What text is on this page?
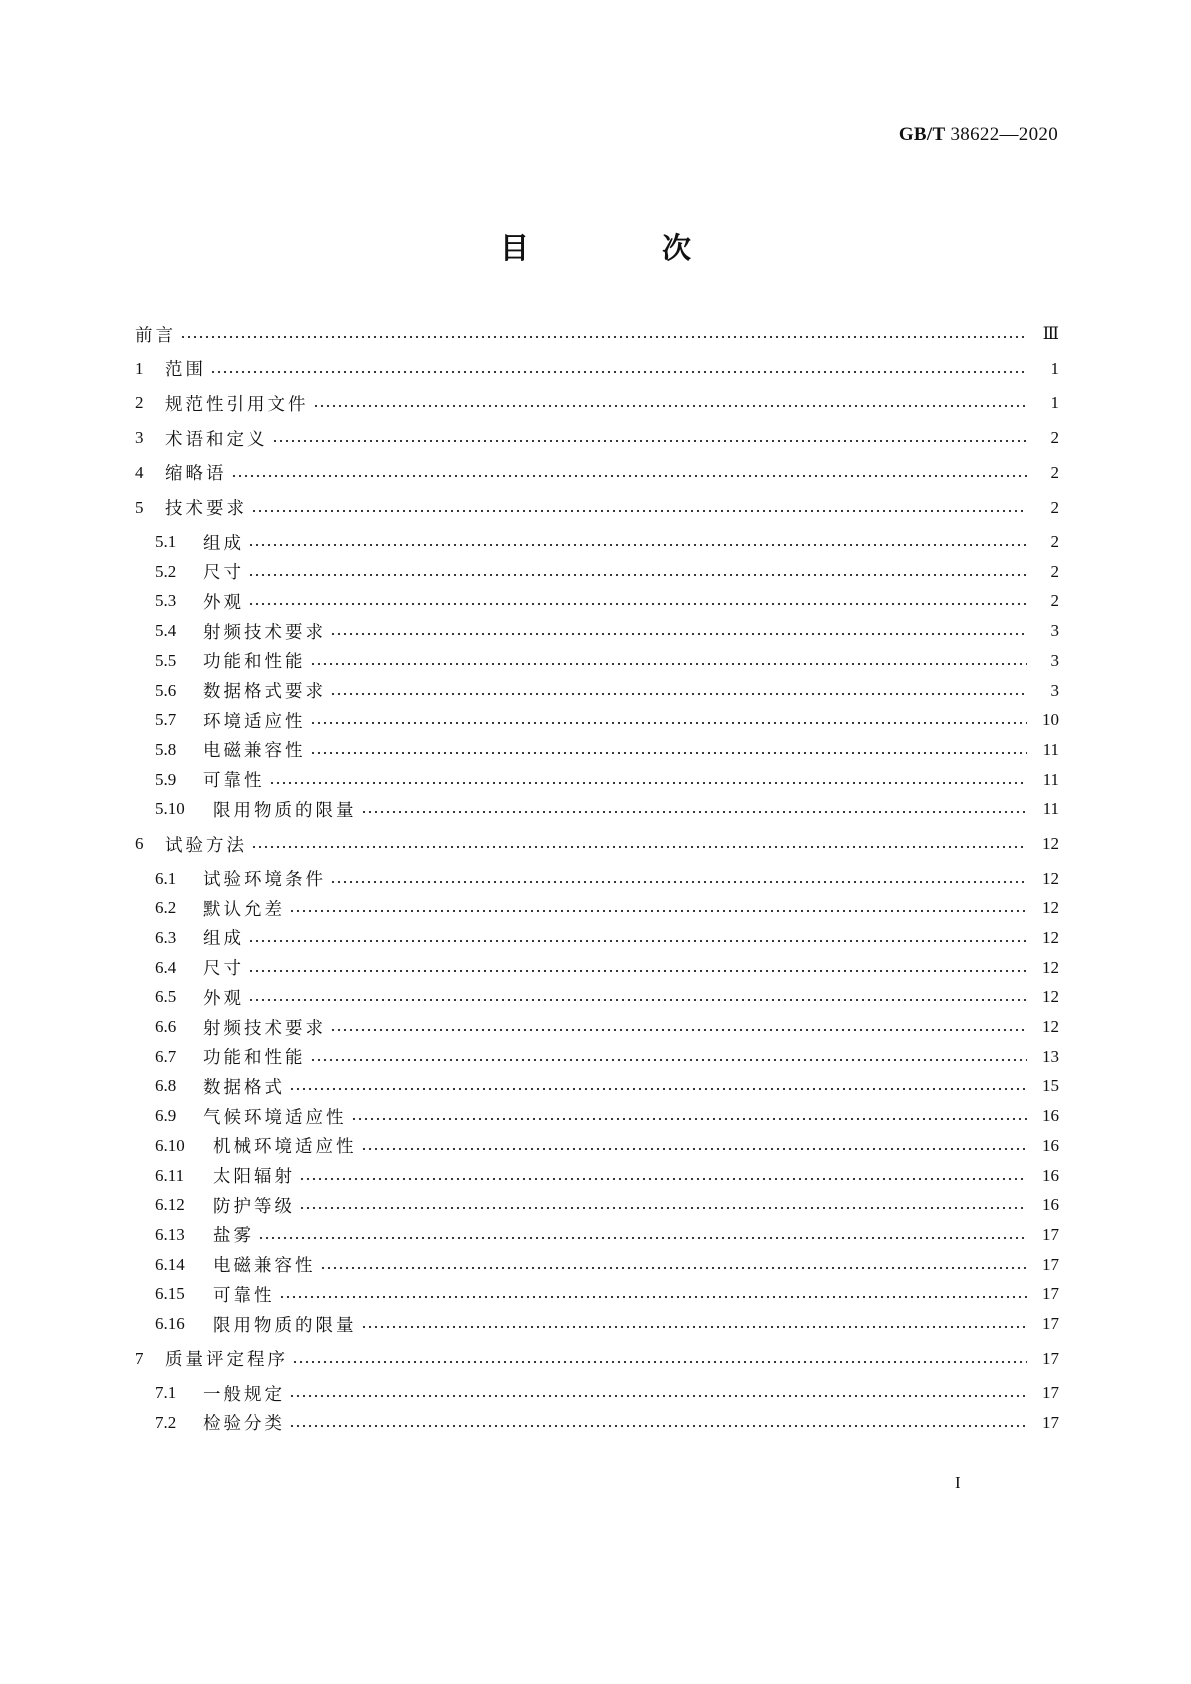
GB/T 38622—2020
目　次
前言	Ⅲ
1	范围	1
2	规范性引用文件	1
3	术语和定义	2
4	缩略语	2
5	技术要求	2
5.1	组成	2
5.2	尺寸	2
5.3	外观	2
5.4	射频技术要求	3
5.5	功能和性能	3
5.6	数据格式要求	3
5.7	环境适应性	10
5.8	电磁兼容性	11
5.9	可靠性	11
5.10	限用物质的限量	11
6	试验方法	12
6.1	试验环境条件	12
6.2	默认允差	12
6.3	组成	12
6.4	尺寸	12
6.5	外观	12
6.6	射频技术要求	12
6.7	功能和性能	13
6.8	数据格式	15
6.9	气候环境适应性	16
6.10	机械环境适应性	16
6.11	太阳辐射	16
6.12	防护等级	16
6.13	盐雾	17
6.14	电磁兼容性	17
6.15	可靠性	17
6.16	限用物质的限量	17
7	质量评定程序	17
7.1	一般规定	17
7.2	检验分类	17
I
